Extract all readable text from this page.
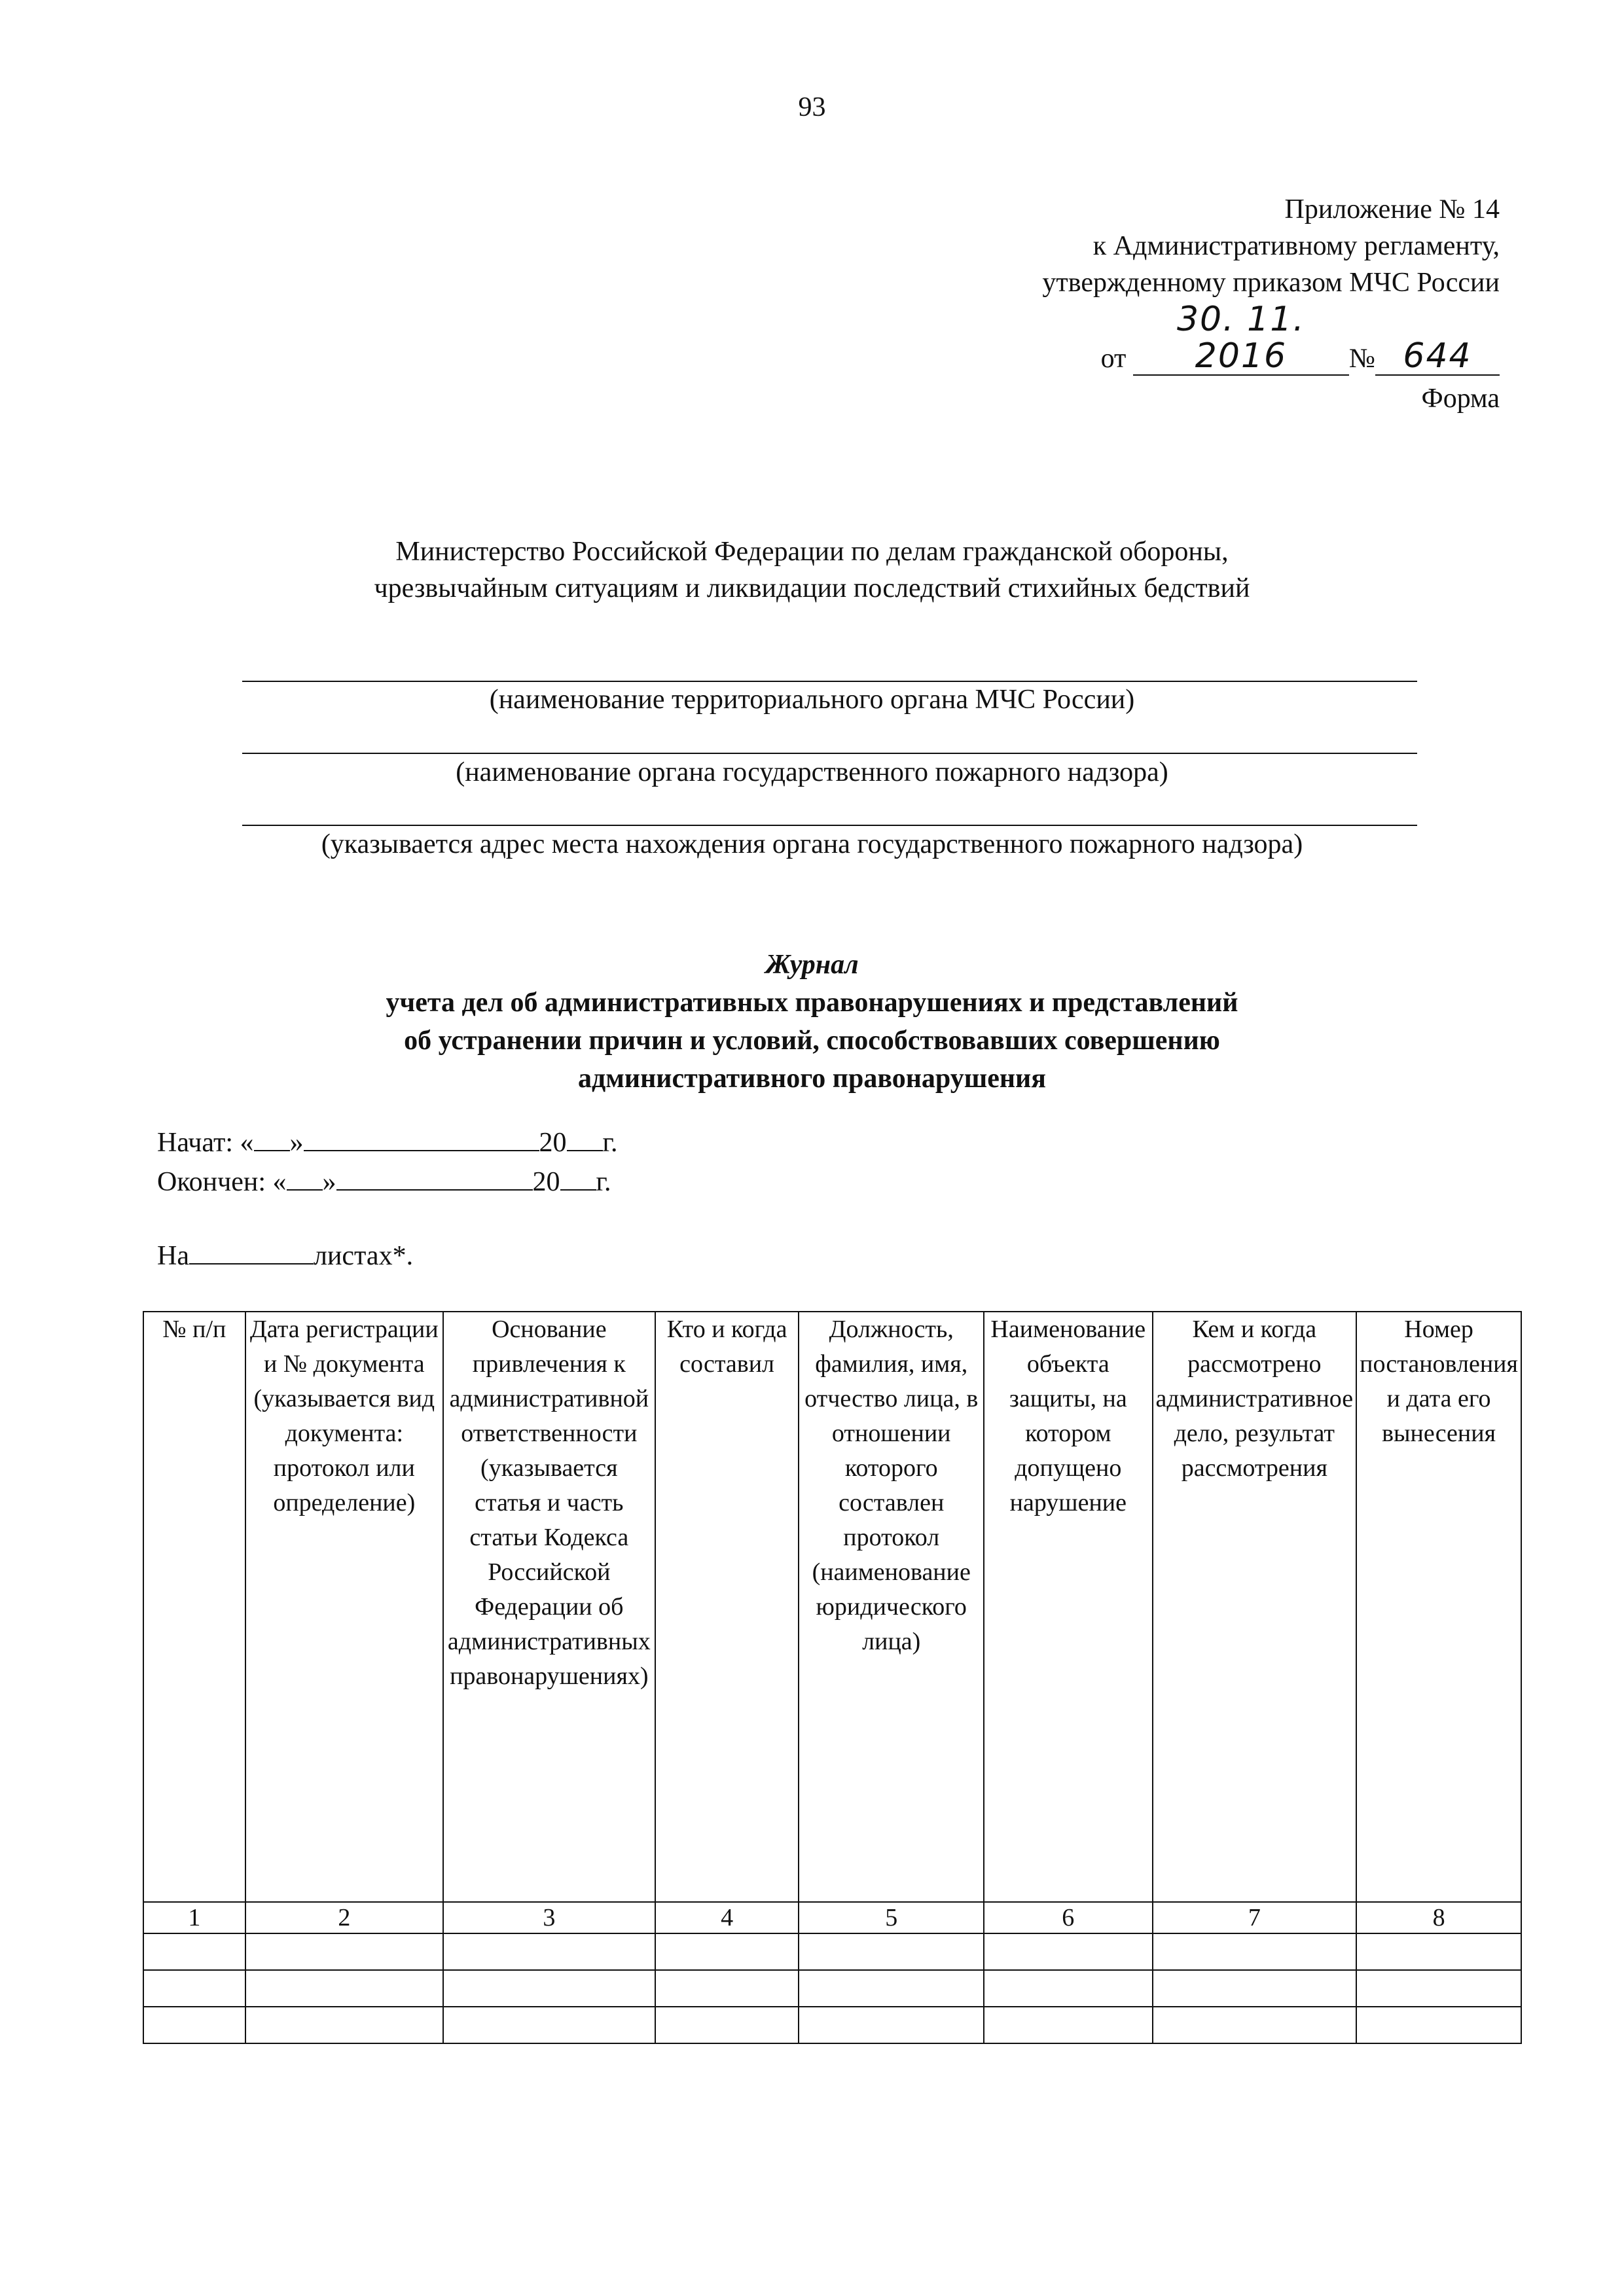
93
Приложение № 14
к Административному регламенту,
утвержденному приказом МЧС России
от 30. 11. 2016 № 644
Форма
Министерство Российской Федерации по делам гражданской обороны,
чрезвычайным ситуациям и ликвидации последствий стихийных бедствий
(наименование территориального органа МЧС России)
(наименование органа государственного пожарного надзора)
(указывается адрес места нахождения органа государственного пожарного надзора)
Журнал
учета дел об административных правонарушениях и представлений
об устранении причин и условий, способствовавших совершению
административного правонарушения
Начат: « »	20 г.
Окончен: « »	20 г.
На	листах*.
№ п/п	Дата регистрации и № документа (указывается вид документа: протокол или определение)	Основание привлечения к административной ответственности (указывается статья и часть статьи Кодекса Российской Федерации об административных правонарушениях)	Кто и когда составил	Должность, фамилия, имя, отчество лица, в отношении которого составлен протокол (наименование юридического лица)	Наименование объекта защиты, на котором допущено нарушение	Кем и когда рассмотрено административное дело, результат рассмотрения	Номер постановления и дата его вынесения
1	2	3	4	5	6	7	8
